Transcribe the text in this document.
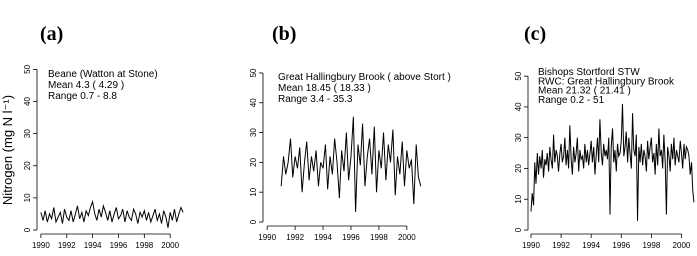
(a)
Nitrogen (mg N l⁻¹)
0
10
20
30
40
50
1990 1992 1994 1996 1998 2000
Beane (Watton at Stone)
Mean 4.3 ( 4.29 )
Range 0.7 - 8.8
(b)
0
10
20
30
40
50
1990 1992 1994 1996 1998 2000
Great Hallingbury Brook ( above Stort )
Mean 18.45 ( 18.33 )
Range 3.4 - 35.3
(c)
0
10
20
30
40
50
1990 1992 1994 1996 1998 2000
Bishops Stortford STW
RWC: Great Hallingbury Brook
Mean 21.32 ( 21.41 )
Range 0.2 - 51
